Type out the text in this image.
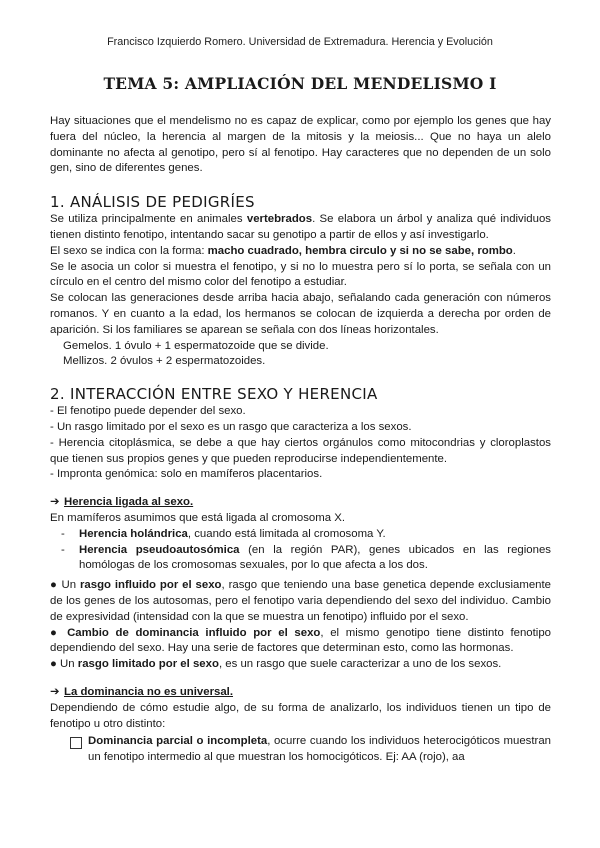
Francisco Izquierdo Romero. Universidad de Extremadura. Herencia y Evolución
TEMA 5: AMPLIACIÓN DEL MENDELISMO I

Hay situaciones que el mendelismo no es capaz de explicar, como por ejemplo los genes que hay fuera del núcleo, la herencia al margen de la mitosis y la meiosis... Que no haya un alelo dominante no afecta al genotipo, pero sí al fenotipo. Hay caracteres que no dependen de un solo gen, sino de diferentes genes.

1. ANÁLISIS DE PEDIGRÍES

Se utiliza principalmente en animales vertebrados. Se elabora un árbol y analiza qué individuos tienen distinto fenotipo, intentando sacar su genotipo a partir de ellos y así investigarlo.

El sexo se indica con la forma: macho cuadrado, hembra circulo y si no se sabe, rombo.

Se le asocia un color si muestra el fenotipo, y si no lo muestra pero sí lo porta, se señala con un círculo en el centro del mismo color del fenotipo a estudiar.

Se colocan las generaciones desde arriba hacia abajo, señalando cada generación con números romanos. Y en cuanto a la edad, los hermanos se colocan de izquierda a derecha por orden de aparición. Si los familiares se aparean se señala con dos líneas horizontales.

Gemelos. 1 óvulo + 1 espermatozoide que se divide.

Mellizos. 2 óvulos + 2 espermatozoides.

2. INTERACCIÓN ENTRE SEXO Y HERENCIA

- El fenotipo puede depender del sexo.

- Un rasgo limitado por el sexo es un rasgo que caracteriza a los sexos.

- Herencia citoplásmica, se debe a que hay ciertos orgánulos como mitocondrias y cloroplastos que tienen sus propios genes y que pueden reproducirse independientemente.

- Impronta genómica: solo en mamíferos placentarios.

➔ Herencia ligada al sexo.

En mamíferos asumimos que está ligada al cromosoma X.

- Herencia holándrica, cuando está limitada al cromosoma Y.
- Herencia pseudoautosómica (en la región PAR), genes ubicados en las regiones homólogas de los cromosomas sexuales, por lo que afecta a los dos.

● Un rasgo influido por el sexo, rasgo que teniendo una base genetica depende exclusiamente de los genes de los autosomas, pero el fenotipo varia dependiendo del sexo del individuo. Cambio de expresividad (intensidad con la que se muestra un fenotipo) influido por el sexo.

● Cambio de dominancia influido por el sexo, el mismo genotipo tiene distinto fenotipo dependiendo del sexo. Hay una serie de factores que determinan esto, como las hormonas.

● Un rasgo limitado por el sexo, es un rasgo que suele caracterizar a uno de los sexos.

➔ La dominancia no es universal.

Dependiendo de cómo estudie algo, de su forma de analizarlo, los individuos tienen un tipo de fenotipo u otro distinto:

Dominancia parcial o incompleta, ocurre cuando los individuos heterocigóticos muestran un fenotipo intermedio al que muestran los homocigóticos. Ej: AA (rojo), aa
